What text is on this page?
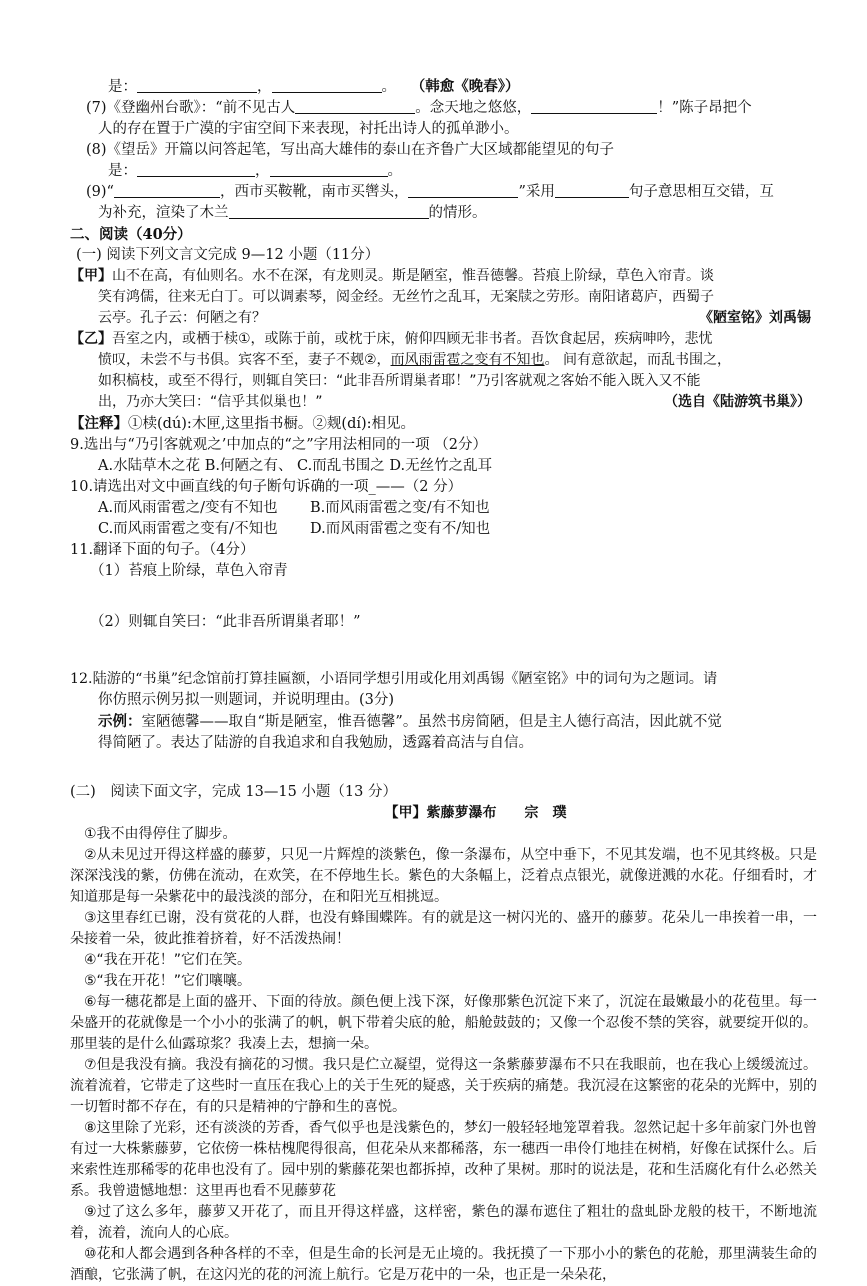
是：	，	。 （韩愈《晚春》）
(7)《登幽州台歌》：“前不见古人	。念天地之悠悠，	！”陈子昂把个
人的存在置于广漠的宇宙空间下来表现，衬托出诗人的孤单渺小。
(8)《望岳》开篇以问答起笔，写出高大雄伟的泰山在齐鲁广大区域都能望见的句子
是：	，	。
(9)“	，西市买鞍靴，南市买辔头，	”采用	句子意思相互交错，互
为补充，渲染了木兰	的情形。
二、阅读（40分）
(一) 阅读下列文言文完成 9—12 小题（11分）
【甲】山不在高，有仙则名。水不在深，有龙则灵。斯是陋室，惟吾德馨。苔痕上阶绿，草色入帘青。谈
笑有鸿儒，往来无白丁。可以调素琴，阅金经。无丝竹之乱耳，无案牍之劳形。南阳诸葛庐，西蜀子
云亭。孔子云：何陋之有？	《陋室铭》刘禹锡
【乙】吾室之内，或栖于椟①，或陈于前，或枕于床，俯仰四顾无非书者。吾饮食起居，疾病呻吟，悲忧
愤叹，未尝不与书俱。宾客不至，妻子不觌②，而风雨雷雹之变有不知也。 间有意欲起，而乱书围之，
如积槁枝，或至不得行，则辄自笑曰：“此非吾所谓巢者耶！”乃引客就观之客始不能入既入又不能
出，乃亦大笑曰：“信乎其似巢也！”	（选自《陆游筑书巢》）
【注释】①椟(dú):木匣,这里指书橱。②觌(dí):相见。
9.选出与“乃引客就观之’中加点的“之”字用法相同的一项 （2分）
A.水陆草木之花 B.何陋之有、 C.而乱书围之 D.无丝竹之乱耳
10.请选出对文中画直线的句子断句诉确的一项_——（2 分）
A.而风雨雷雹之/变有不知也 B.而风雨雷雹之变/有不知也
C.而风雨雷雹之变有/不知也 D.而风雨雷雹之变有不/知也
11.翻译下面的句子。（4分）
（1）苔痕上阶绿，草色入帘青
（2）则辄自笑曰：“此非吾所谓巢者耶！”
12.陆游的“书巢”纪念馆前打算挂匾额，小语同学想引用或化用刘禹锡《陋室铭》中的词句为之题词。请
你仿照示例另拟一则题词，并说明理由。(3分)
示例：室陋德馨——取自“斯是陋室，惟吾德馨”。虽然书房简陋，但是主人德行高洁，因此就不觉
得简陋了。表达了陆游的自我追求和自我勉励，透露着高洁与自信。
(二)　阅读下面文字，完成 13—15 小题（13 分）
【甲】紫藤萝瀑布 宗　璞
①我不由得停住了脚步。
②从未见过开得这样盛的藤萝，只见一片辉煌的淡紫色，像一条瀑布，从空中垂下，不见其发端，也不见其终极。只是深深浅浅的紫，仿佛在流动，在欢笑，在不停地生长。紫色的大条幅上，泛着点点银光，就像迸溅的水花。仔细看时，才知道那是每一朵紫花中的最浅淡的部分，在和阳光互相挑逗。
③这里春红已谢，没有赏花的人群，也没有蜂围蝶阵。有的就是这一树闪光的、盛开的藤萝。花朵儿一串挨着一串，一朵接着一朵，彼此推着挤着，好不活泼热闹！
④“我在开花！”它们在笑。
⑤“我在开花！”它们嚷嚷。
⑥每一穗花都是上面的盛开、下面的待放。颜色便上浅下深，好像那紫色沉淀下来了，沉淀在最嫩最小的花苞里。每一朵盛开的花就像是一个小小的张满了的帆，帆下带着尖底的舱，船舱鼓鼓的；又像一个忍俊不禁的笑容，就要绽开似的。那里装的是什么仙露琼浆？我凑上去，想摘一朵。
⑦但是我没有摘。我没有摘花的习惯。我只是伫立凝望，觉得这一条紫藤萝瀑布不只在我眼前，也在我心上缓缓流过。流着流着，它带走了这些时一直压在我心上的关于生死的疑惑，关于疾病的痛楚。我沉浸在这繁密的花朵的光辉中，别的一切暂时都不存在，有的只是精神的宁静和生的喜悦。
⑧这里除了光彩，还有淡淡的芳香，香气似乎也是浅紫色的，梦幻一般轻轻地笼罩着我。忽然记起十多年前家门外也曾有过一大株紫藤萝，它依傍一株枯槐爬得很高，但花朵从来都稀落，东一穗西一串伶仃地挂在树梢，好像在试探什么。后来索性连那稀零的花串也没有了。园中别的紫藤花架也都拆掉，改种了果树。那时的说法是，花和生活腐化有什么必然关系。我曾遗憾地想：这里再也看不见藤萝花
⑨过了这么多年，藤萝又开花了，而且开得这样盛，这样密，紫色的瀑布遮住了粗壮的盘虬卧龙般的枝干，不断地流着，流着，流向人的心底。
⑩花和人都会遇到各种各样的不幸，但是生命的长河是无止境的。我抚摸了一下那小小的紫色的花舱，那里满装生命的酒酿，它张满了帆，在这闪光的花的河流上航行。它是万花中的一朵，也正是一朵朵花，
